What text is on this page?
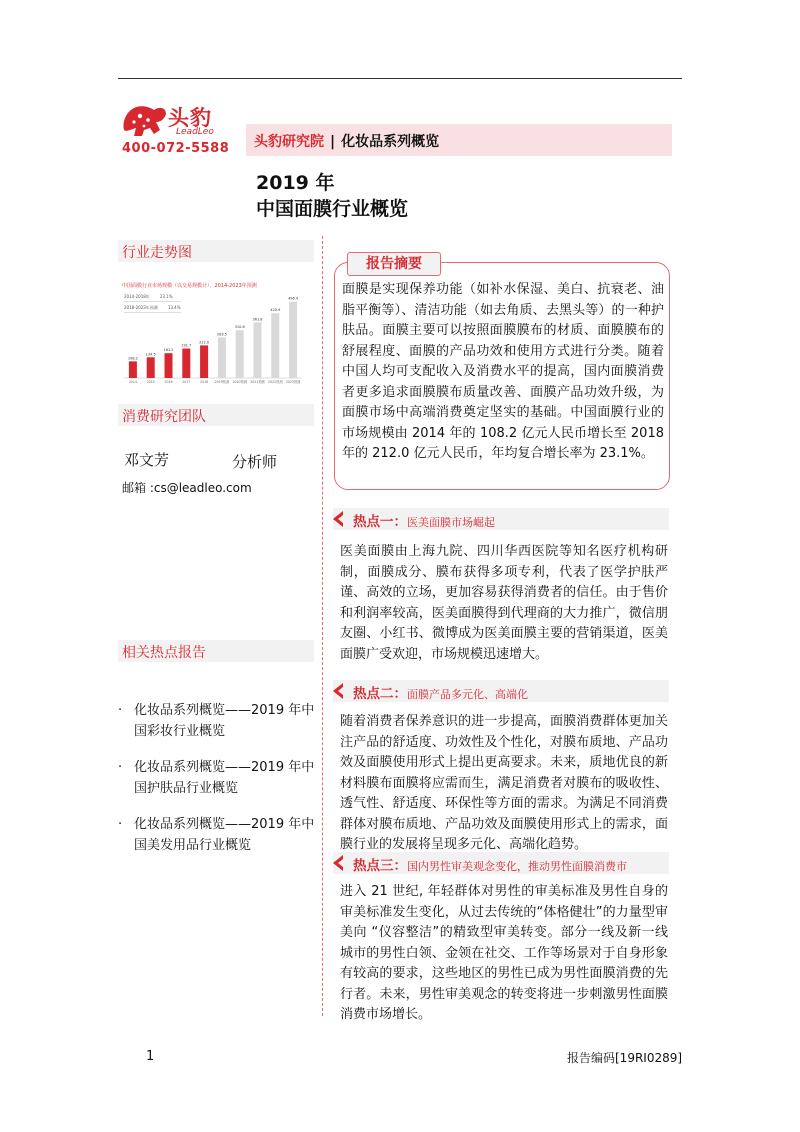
头豹
LeadLeo
400-072-5588 头豹研究院 | 化妆品系列概览
2019 年
中国面膜行业概览
行业走势图
中国面膜行业市场规模（以交易规模计），2014-2023年预测
2014-2018年	23.1%
2018-2023年预测	13.4%
108.2
2014
134.5
2015
161.2
2016
191.7
2017
212.0
2018
263.5
2019预测
310.6
2020预测
361.8
2021预测
420.9
2022预测
496.4
2023预测
消费研究团队
邓文芳	分析师
邮箱 :cs@leadleo.com
相关热点报告
· 化妆品系列概览——2019 年中国彩妆行业概览
· 化妆品系列概览——2019 年中国护肤品行业概览
· 化妆品系列概览——2019 年中国美发用品行业概览
报告摘要
面膜是实现保养功能（如补水保湿、美白、抗衰老、油脂平衡等）、清洁功能（如去角质、去黑头等）的一种护肤品。面膜主要可以按照面膜膜布的材质、面膜膜布的舒展程度、面膜的产品功效和使用方式进行分类。随着中国人均可支配收入及消费水平的提高，国内面膜消费者更多追求面膜膜布质量改善、面膜产品功效升级，为面膜市场中高端消费奠定坚实的基础。中国面膜行业的市场规模由 2014 年的 108.2 亿元人民币增长至 2018 年的 212.0 亿元人民币，年均复合增长率为 23.1%。
热点一：医美面膜市场崛起
医美面膜由上海九院、四川华西医院等知名医疗机构研制，面膜成分、膜布获得多项专利，代表了医学护肤严谨、高效的立场，更加容易获得消费者的信任。由于售价和利润率较高，医美面膜得到代理商的大力推广，微信朋友圈、小红书、微博成为医美面膜主要的营销渠道，医美面膜广受欢迎，市场规模迅速增大。
热点二：面膜产品多元化、高端化
随着消费者保养意识的进一步提高，面膜消费群体更加关注产品的舒适度、功效性及个性化，对膜布质地、产品功效及面膜使用形式上提出更高要求。未来，质地优良的新材料膜布面膜将应需而生，满足消费者对膜布的吸收性、透气性、舒适度、环保性等方面的需求。为满足不同消费群体对膜布质地、产品功效及面膜使用形式上的需求，面膜行业的发展将呈现多元化、高端化趋势。
热点三：国内男性审美观念变化，推动男性面膜消费市
进入 21 世纪, 年轻群体对男性的审美标准及男性自身的审美标准发生变化，从过去传统的“体格健壮”的力量型审美向 “仪容整洁”的精致型审美转变。部分一线及新一线城市的男性白领、金领在社交、工作等场景对于自身形象有较高的要求，这些地区的男性已成为男性面膜消费的先行者。未来，男性审美观念的转变将进一步刺激男性面膜消费市场增长。
1	报告编码[19RI0289]
